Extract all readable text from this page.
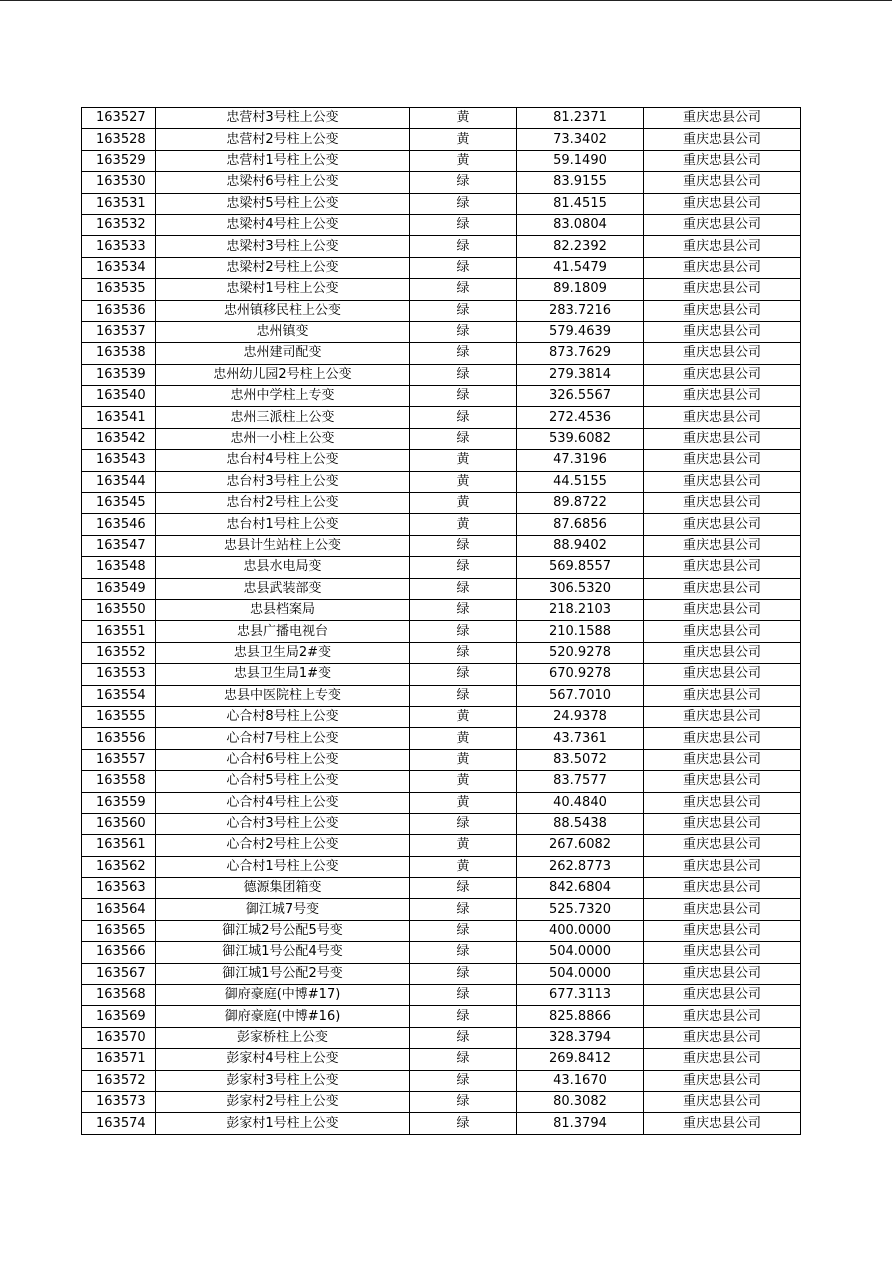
163527	忠营村3号柱上公变	黄	81.2371	重庆忠县公司
163528	忠营村2号柱上公变	黄	73.3402	重庆忠县公司
163529	忠营村1号柱上公变	黄	59.1490	重庆忠县公司
163530	忠梁村6号柱上公变	绿	83.9155	重庆忠县公司
163531	忠梁村5号柱上公变	绿	81.4515	重庆忠县公司
163532	忠梁村4号柱上公变	绿	83.0804	重庆忠县公司
163533	忠梁村3号柱上公变	绿	82.2392	重庆忠县公司
163534	忠梁村2号柱上公变	绿	41.5479	重庆忠县公司
163535	忠梁村1号柱上公变	绿	89.1809	重庆忠县公司
163536	忠州镇移民柱上公变	绿	283.7216	重庆忠县公司
163537	忠州镇变	绿	579.4639	重庆忠县公司
163538	忠州建司配变	绿	873.7629	重庆忠县公司
163539	忠州幼儿园2号柱上公变	绿	279.3814	重庆忠县公司
163540	忠州中学柱上专变	绿	326.5567	重庆忠县公司
163541	忠州三派柱上公变	绿	272.4536	重庆忠县公司
163542	忠州一小柱上公变	绿	539.6082	重庆忠县公司
163543	忠台村4号柱上公变	黄	47.3196	重庆忠县公司
163544	忠台村3号柱上公变	黄	44.5155	重庆忠县公司
163545	忠台村2号柱上公变	黄	89.8722	重庆忠县公司
163546	忠台村1号柱上公变	黄	87.6856	重庆忠县公司
163547	忠县计生站柱上公变	绿	88.9402	重庆忠县公司
163548	忠县水电局变	绿	569.8557	重庆忠县公司
163549	忠县武装部变	绿	306.5320	重庆忠县公司
163550	忠县档案局	绿	218.2103	重庆忠县公司
163551	忠县广播电视台	绿	210.1588	重庆忠县公司
163552	忠县卫生局2#变	绿	520.9278	重庆忠县公司
163553	忠县卫生局1#变	绿	670.9278	重庆忠县公司
163554	忠县中医院柱上专变	绿	567.7010	重庆忠县公司
163555	心合村8号柱上公变	黄	24.9378	重庆忠县公司
163556	心合村7号柱上公变	黄	43.7361	重庆忠县公司
163557	心合村6号柱上公变	黄	83.5072	重庆忠县公司
163558	心合村5号柱上公变	黄	83.7577	重庆忠县公司
163559	心合村4号柱上公变	黄	40.4840	重庆忠县公司
163560	心合村3号柱上公变	绿	88.5438	重庆忠县公司
163561	心合村2号柱上公变	黄	267.6082	重庆忠县公司
163562	心合村1号柱上公变	黄	262.8773	重庆忠县公司
163563	德源集团箱变	绿	842.6804	重庆忠县公司
163564	御江城7号变	绿	525.7320	重庆忠县公司
163565	御江城2号公配5号变	绿	400.0000	重庆忠县公司
163566	御江城1号公配4号变	绿	504.0000	重庆忠县公司
163567	御江城1号公配2号变	绿	504.0000	重庆忠县公司
163568	御府豪庭(中博#17)	绿	677.3113	重庆忠县公司
163569	御府豪庭(中博#16)	绿	825.8866	重庆忠县公司
163570	彭家桥柱上公变	绿	328.3794	重庆忠县公司
163571	彭家村4号柱上公变	绿	269.8412	重庆忠县公司
163572	彭家村3号柱上公变	绿	43.1670	重庆忠县公司
163573	彭家村2号柱上公变	绿	80.3082	重庆忠县公司
163574	彭家村1号柱上公变	绿	81.3794	重庆忠县公司
